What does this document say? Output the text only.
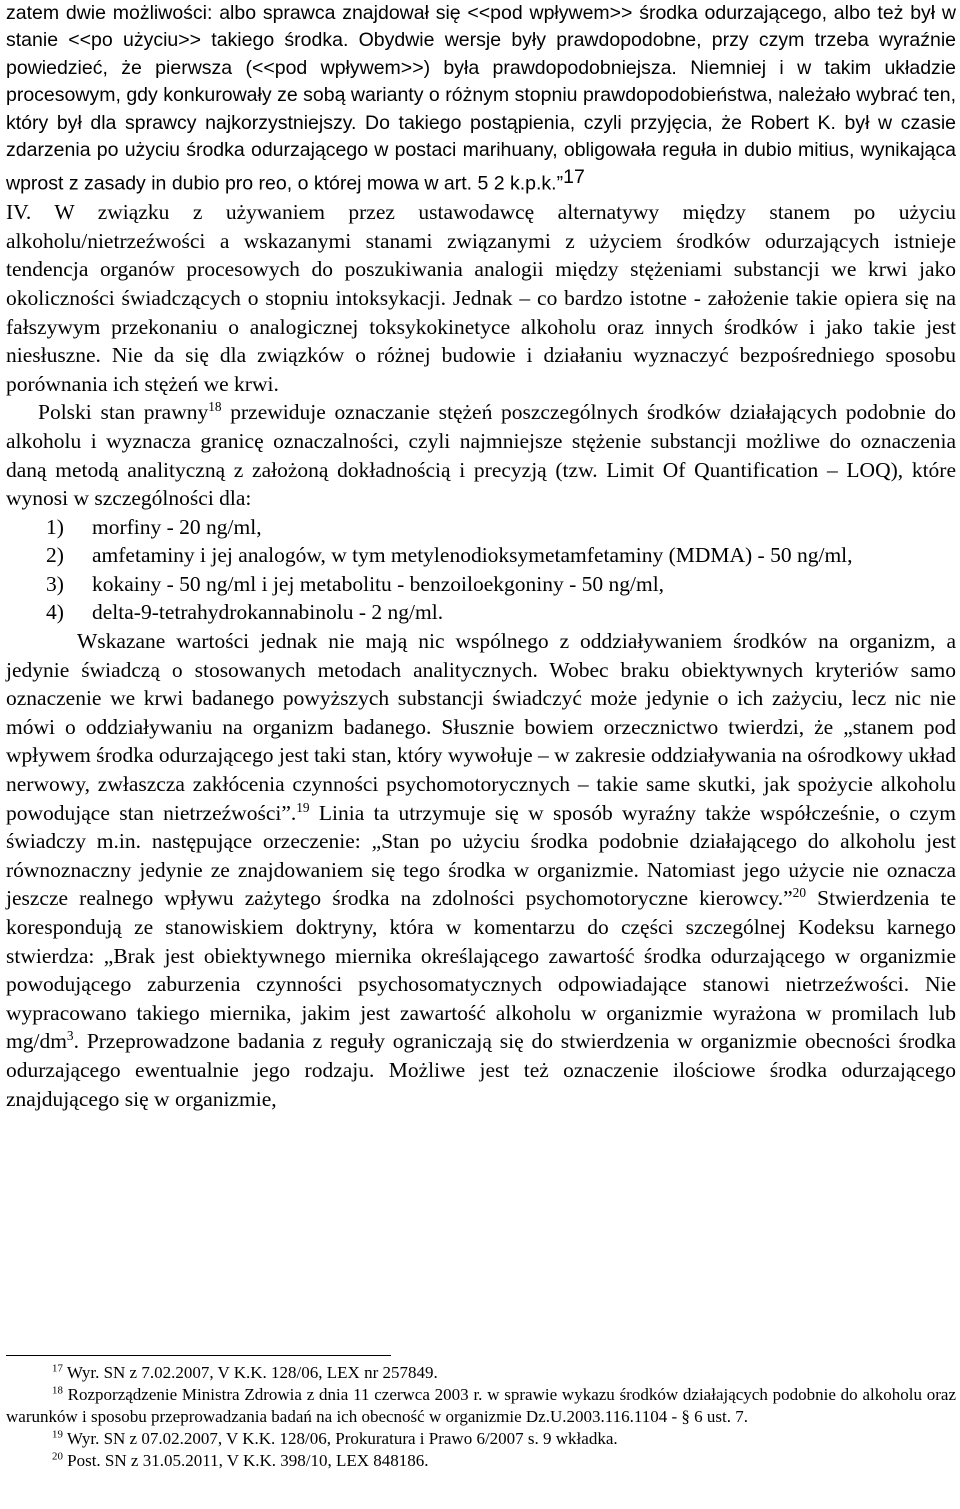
zatem dwie możliwości: albo sprawca znajdował się <<pod wpływem>> środka odurzającego, albo też był w stanie <<po użyciu>> takiego środka. Obydwie wersje były prawdopodobne, przy czym trzeba wyraźnie powiedzieć, że pierwsza (<<pod wpływem>>) była prawdopodobniejsza. Niemniej i w takim układzie procesowym, gdy konkurowały ze sobą warianty o różnym stopniu prawdopodobieństwa, należało wybrać ten, który był dla sprawcy najkorzystniejszy. Do takiego postąpienia, czyli przyjęcia, że Robert K. był w czasie zdarzenia po użyciu środka odurzającego w postaci marihuany, obligowała reguła in dubio mitius, wynikająca wprost z zasady in dubio pro reo, o której mowa w art. 5 2 k.p.k.”$^{17}$

IV. W związku z używaniem przez ustawodawcę alternatywy między stanem po użyciu alkoholu/nietrzeźwości a wskazanymi stanami związanymi z użyciem środków odurzających istnieje tendencja organów procesowych do poszukiwania analogii między stężeniami substancji we krwi jako okoliczności świadczących o stopniu intoksykacji. Jednak – co bardzo istotne - założenie takie opiera się na fałszywym przekonaniu o analogicznej toksykokinetyce alkoholu oraz innych środków i jako takie jest niesłuszne. Nie da się dla związków o różnej budowie i działaniu wyznaczyć bezpośredniego sposobu porównania ich stężeń we krwi.

Polski stan prawny$^{18}$ przewiduje oznaczanie stężeń poszczególnych środków działających podobnie do alkoholu i wyznacza granicę oznaczalności, czyli najmniejsze stężenie substancji możliwe do oznaczenia daną metodą analityczną z założoną dokładnością i precyzją (tzw. Limit Of Quantification – LOQ), które wynosi w szczególności dla:

1) morfiny - 20 ng/ml,
2) amfetaminy i jej analogów, w tym metylenodioksymetamfetaminy (MDMA) - 50 ng/ml,
3) kokainy - 50 ng/ml i jej metabolitu - benzoiloekgoniny - 50 ng/ml,
4) delta-9-tetrahydrokannabinolu - 2 ng/ml.

Wskazane wartości jednak nie mają nic wspólnego z oddziaływaniem środków na organizm, a jedynie świadczą o stosowanych metodach analitycznych. Wobec braku obiektywnych kryteriów samo oznaczenie we krwi badanego powyższych substancji świadczyć może jedynie o ich zażyciu, lecz nic nie mówi o oddziaływaniu na organizm badanego. Słusznie bowiem orzecznictwo twierdzi, że „stanem pod wpływem środka odurzającego jest taki stan, który wywołuje – w zakresie oddziaływania na ośrodkowy układ nerwowy, zwłaszcza zakłócenia czynności psychomotorycznych – takie same skutki, jak spożycie alkoholu powodujące stan nietrzeźwości”.$^{19}$ Linia ta utrzymuje się w sposób wyraźny także współcześnie, o czym świadczy m.in. następujące orzeczenie: „Stan po użyciu środka podobnie działającego do alkoholu jest równoznaczny jedynie ze znajdowaniem się tego środka w organizmie. Natomiast jego użycie nie oznacza jeszcze realnego wpływu zażytego środka na zdolności psychomotoryczne kierowcy.”$^{20}$ Stwierdzenia te korespondują ze stanowiskiem doktryny, która w komentarzu do części szczególnej Kodeksu karnego stwierdza: „Brak jest obiektywnego miernika określającego zawartość środka odurzającego w organizmie powodującego zaburzenia czynności psychosomatycznych odpowiadające stanowi nietrzeźwości. Nie wypracowano takiego miernika, jakim jest zawartość alkoholu w organizmie wyrażona w promilach lub $mg/dm^3$. Przeprowadzone badania z reguły ograniczają się do stwierdzenia w organizmie obecności środka odurzającego ewentualnie jego rodzaju. Możliwe jest też oznaczenie ilościowe środka odurzającego znajdującego się w organizmie,

$^{17}$ Wyr. SN z 7.02.2007, V K.K. 128/06, LEX nr 257849.

$^{18}$ Rozporządzenie Ministra Zdrowia z dnia 11 czerwca 2003 r. w sprawie wykazu środków działających podobnie do alkoholu oraz warunków i sposobu przeprowadzania badań na ich obecność w organizmie Dz.U.2003.116.1104 - § 6 ust. 7.

$^{19}$ Wyr. SN z 07.02.2007, V K.K. 128/06, Prokuratura i Prawo 6/2007 s. 9 wkładka.

$^{20}$ Post. SN z 31.05.2011, V K.K. 398/10, LEX 848186.
